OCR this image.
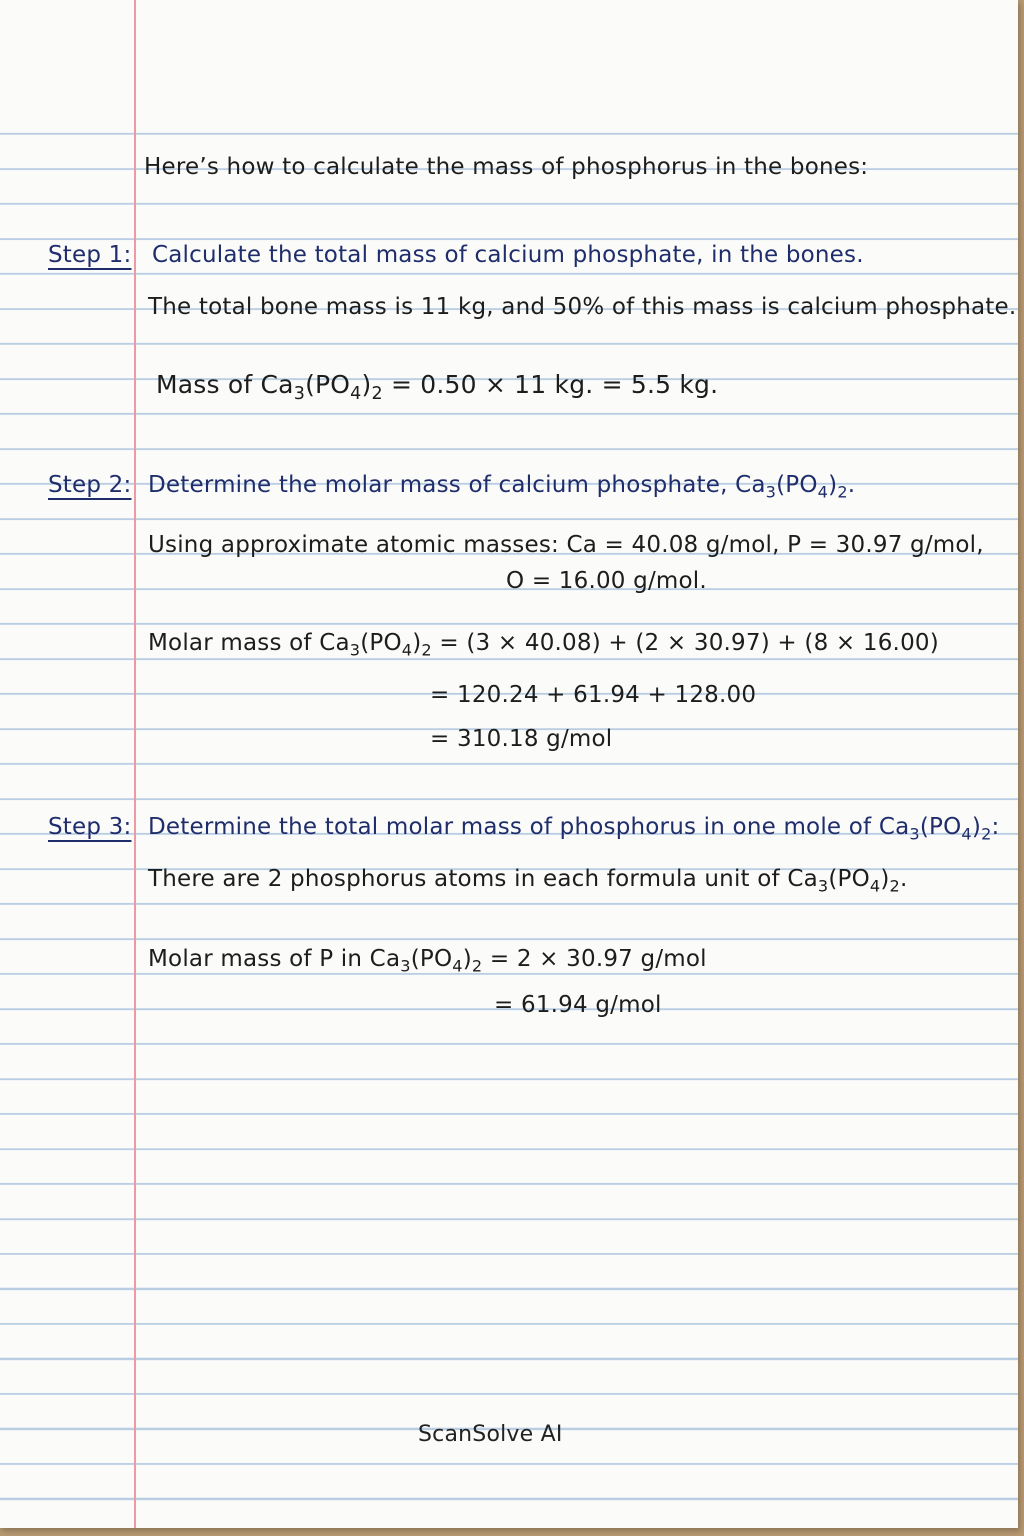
Here’s how to calculate the mass of phosphorus in the bones:
Step 1: Calculate the total mass of calcium phosphate, in the bones.
The total bone mass is 11 kg, and 50% of this mass is calcium phosphate.
Mass of $Ca_3(PO_4)_2 = 0.50 \times 11$ kg. = 5.5 kg.
Step 2: Determine the molar mass of calcium phosphate, $Ca_3(PO_4)_2$.
Using approximate atomic masses: Ca = 40.08 g/mol, P = 30.97 g/mol,
O = 16.00 g/mol.
Molar mass of $Ca_3(PO_4)_2 = (3 \times 40.08) + (2 \times 30.97) + (8 \times 16.00)$
= 120.24 + 61.94 + 128.00
= 310.18 g/mol
Step 3: Determine the total molar mass of phosphorus in one mole of $Ca_3(PO_4)_2$:
There are 2 phosphorus atoms in each formula unit of $Ca_3(PO_4)_2$.
Molar mass of P in $Ca_3(PO_4)_2 = 2 \times 30.97$ g/mol
= 61.94 g/mol
ScanSolve AI
